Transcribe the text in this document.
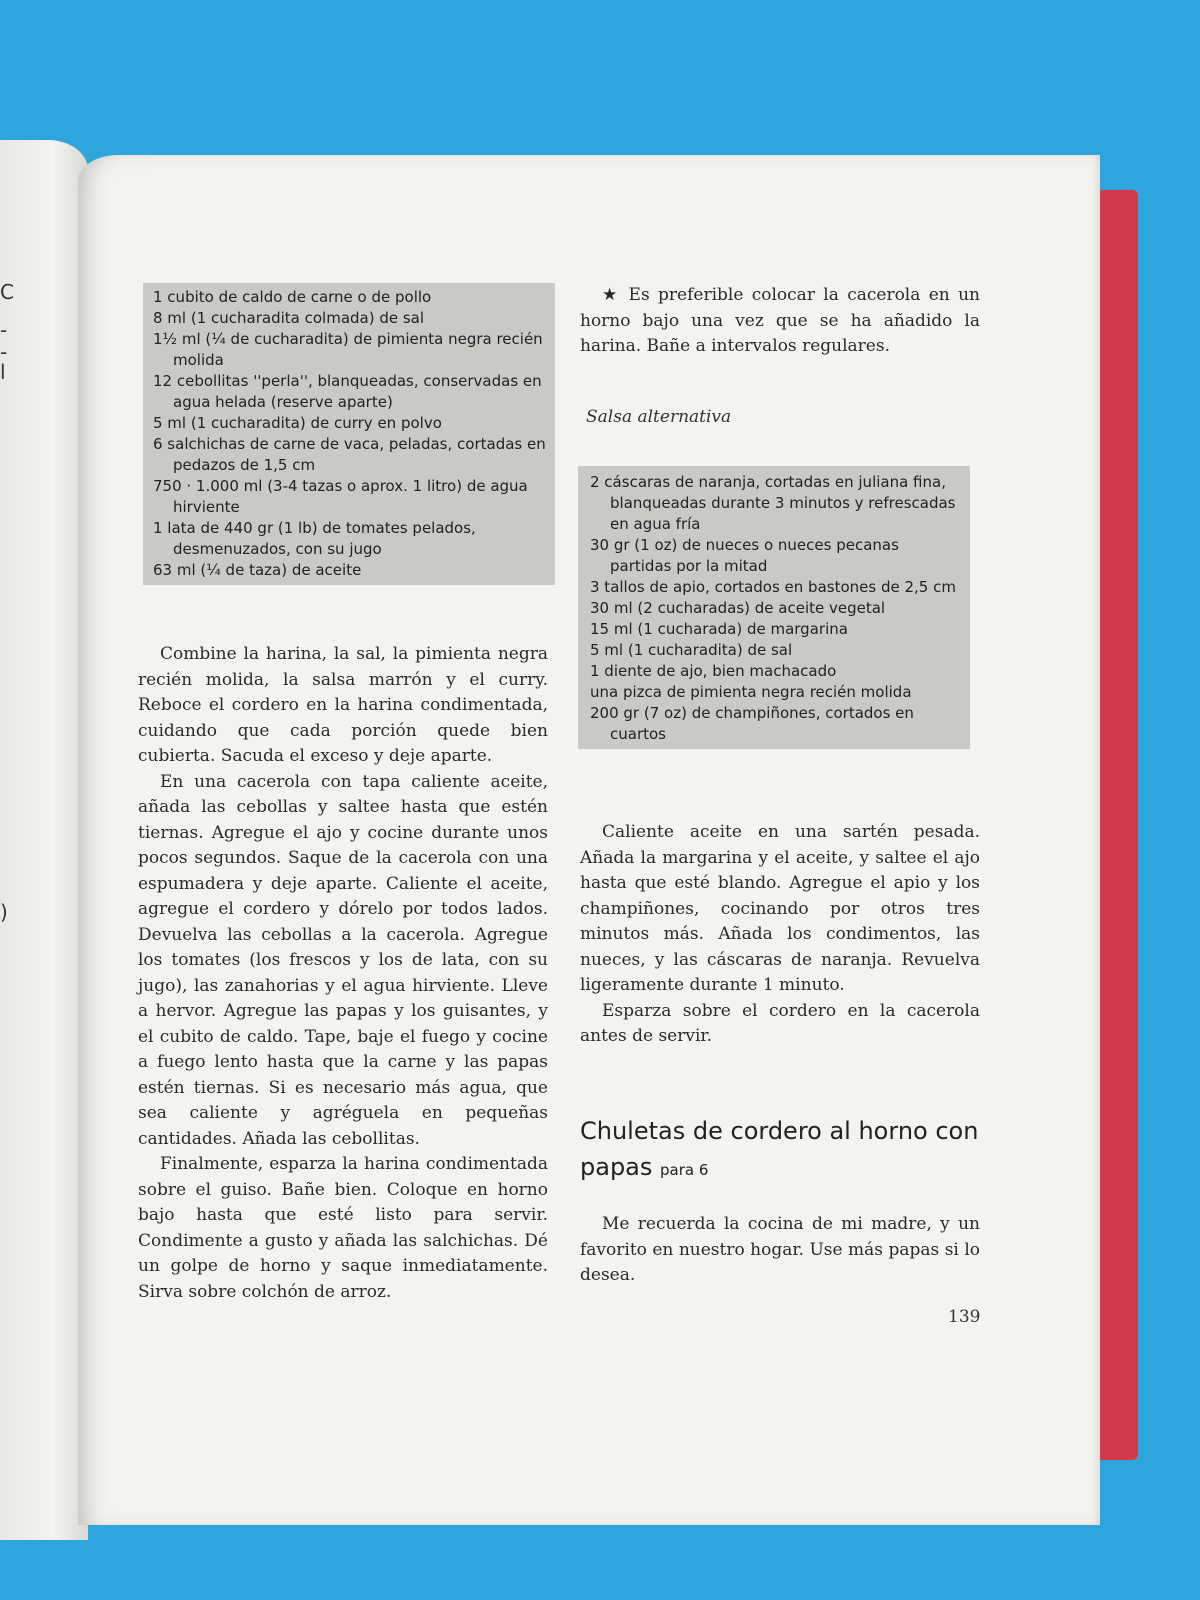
C
-
-
l
)
1 cubito de caldo de carne o de pollo
8 ml (1 cucharadita colmada) de sal
1½ ml (¼ de cucharadita) de pimienta negra recién molida
12 cebollitas ''perla'', blanqueadas, conservadas en agua helada (reserve aparte)
5 ml (1 cucharadita) de curry en polvo
6 salchichas de carne de vaca, peladas, cortadas en pedazos de 1,5 cm
750 · 1.000 ml (3-4 tazas o aprox. 1 litro) de agua hirviente
1 lata de 440 gr (1 lb) de tomates pelados, desmenuzados, con su jugo
63 ml (¼ de taza) de aceite

Combine la harina, la sal, la pimienta negra recién molida, la salsa marrón y el curry. Reboce el cordero en la harina condimentada, cuidando que cada porción quede bien cubierta. Sacuda el exceso y deje aparte.

En una cacerola con tapa caliente aceite, añada las cebollas y saltee hasta que estén tiernas. Agregue el ajo y cocine durante unos pocos segundos. Saque de la cacerola con una espumadera y deje aparte. Caliente el aceite, agregue el cordero y dórelo por todos lados. Devuelva las cebollas a la cacerola. Agregue los tomates (los frescos y los de lata, con su jugo), las zanahorias y el agua hirviente. Lleve a hervor. Agregue las papas y los guisantes, y el cubito de caldo. Tape, baje el fuego y cocine a fuego lento hasta que la carne y las papas estén tiernas. Si es necesario más agua, que sea caliente y agréguela en pequeñas cantidades. Añada las cebollitas.

Finalmente, esparza la harina condimentada sobre el guiso. Bañe bien. Coloque en horno bajo hasta que esté listo para servir. Condimente a gusto y añada las salchichas. Dé un golpe de horno y saque inmediatamente. Sirva sobre colchón de arroz.

★ Es preferible colocar la cacerola en un horno bajo una vez que se ha añadido la harina. Bañe a intervalos regulares.

Salsa alternativa
2 cáscaras de naranja, cortadas en juliana fina, blanqueadas durante 3 minutos y refrescadas en agua fría
30 gr (1 oz) de nueces o nueces pecanas partidas por la mitad
3 tallos de apio, cortados en bastones de 2,5 cm
30 ml (2 cucharadas) de aceite vegetal
15 ml (1 cucharada) de margarina
5 ml (1 cucharadita) de sal
1 diente de ajo, bien machacado
una pizca de pimienta negra recién molida
200 gr (7 oz) de champiñones, cortados en cuartos

Caliente aceite en una sartén pesada. Añada la margarina y el aceite, y saltee el ajo hasta que esté blando. Agregue el apio y los champiñones, cocinando por otros tres minutos más. Añada los condimentos, las nueces, y las cáscaras de naranja. Revuelva ligeramente durante 1 minuto.

Esparza sobre el cordero en la cacerola antes de servir.

Chuletas de cordero al horno con papas para 6

Me recuerda la cocina de mi madre, y un favorito en nuestro hogar. Use más papas si lo desea.

139
